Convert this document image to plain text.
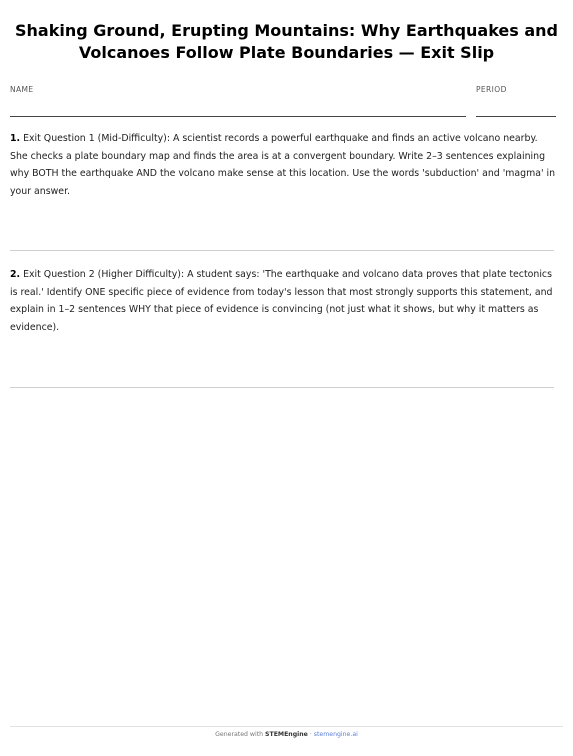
Shaking Ground, Erupting Mountains: Why Earthquakes and Volcanoes Follow Plate Boundaries — Exit Slip
NAME	PERIOD

1. Exit Question 1 (Mid-Difficulty): A scientist records a powerful earthquake and finds an active volcano nearby. She checks a plate boundary map and finds the area is at a convergent boundary. Write 2–3 sentences explaining why BOTH the earthquake AND the volcano make sense at this location. Use the words 'subduction' and 'magma' in your answer.

2. Exit Question 2 (Higher Difficulty): A student says: 'The earthquake and volcano data proves that plate tectonics is real.' Identify ONE specific piece of evidence from today's lesson that most strongly supports this statement, and explain in 1–2 sentences WHY that piece of evidence is convincing (not just what it shows, but why it matters as evidence).

Generated with STEMEngine · stemengine.ai
